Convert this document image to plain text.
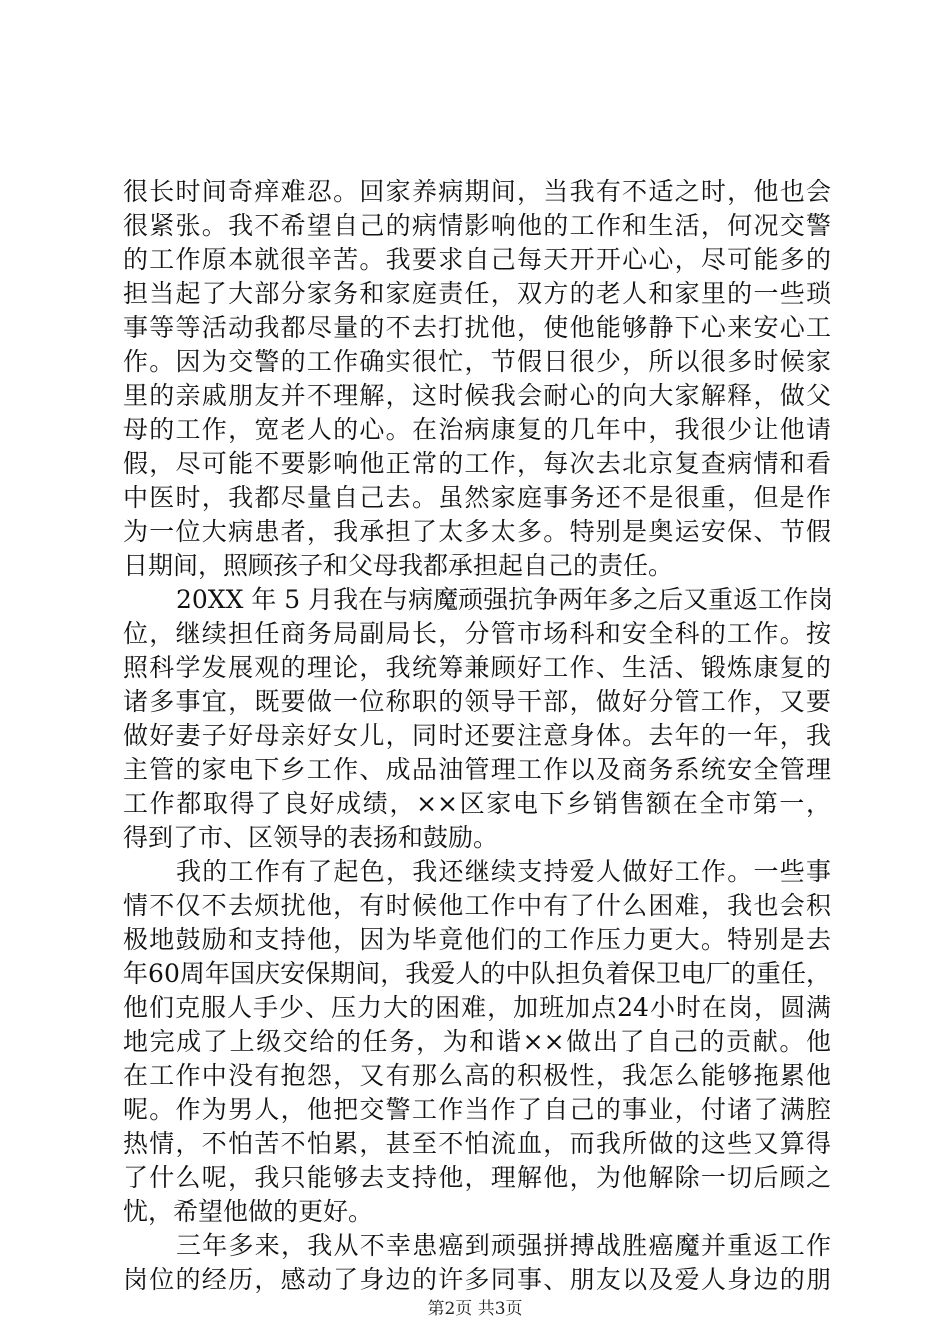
很长时间奇痒难忍。回家养病期间，当我有不适之时，他也会
很紧张。我不希望自己的病情影响他的工作和生活，何况交警
的工作原本就很辛苦。我要求自己每天开开心心，尽可能多的
担当起了大部分家务和家庭责任，双方的老人和家里的一些琐
事等等活动我都尽量的不去打扰他，使他能够静下心来安心工
作。因为交警的工作确实很忙，节假日很少，所以很多时候家
里的亲戚朋友并不理解，这时候我会耐心的向大家解释，做父
母的工作，宽老人的心。在治病康复的几年中，我很少让他请
假，尽可能不要影响他正常的工作，每次去北京复查病情和看
中医时，我都尽量自己去。虽然家庭事务还不是很重，但是作
为一位大病患者，我承担了太多太多。特别是奥运安保、节假
日期间，照顾孩子和父母我都承担起自己的责任。
20XX 年 5 月我在与病魔顽强抗争两年多之后又重返工作岗
位，继续担任商务局副局长，分管市场科和安全科的工作。按
照科学发展观的理论，我统筹兼顾好工作、生活、锻炼康复的
诸多事宜，既要做一位称职的领导干部，做好分管工作，又要
做好妻子好母亲好女儿，同时还要注意身体。去年的一年，我
主管的家电下乡工作、成品油管理工作以及商务系统安全管理
工作都取得了良好成绩，××区家电下乡销售额在全市第一，
得到了市、区领导的表扬和鼓励。
我的工作有了起色，我还继续支持爱人做好工作。一些事
情不仅不去烦扰他，有时候他工作中有了什么困难，我也会积
极地鼓励和支持他，因为毕竟他们的工作压力更大。特别是去
年60周年国庆安保期间，我爱人的中队担负着保卫电厂的重任，
他们克服人手少、压力大的困难，加班加点24小时在岗，圆满
地完成了上级交给的任务，为和谐××做出了自己的贡献。他
在工作中没有抱怨，又有那么高的积极性，我怎么能够拖累他
呢。作为男人，他把交警工作当作了自己的事业，付诸了满腔
热情，不怕苦不怕累，甚至不怕流血，而我所做的这些又算得
了什么呢，我只能够去支持他，理解他，为他解除一切后顾之
忧，希望他做的更好。
三年多来，我从不幸患癌到顽强拼搏战胜癌魔并重返工作
岗位的经历，感动了身边的许多同事、朋友以及爱人身边的朋
第2页 共3页
